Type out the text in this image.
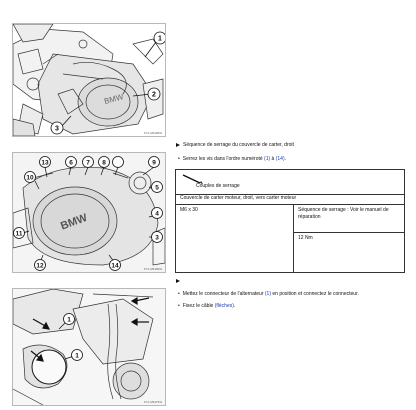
BMW
1
2
3
KYL M1160%
BMW
6 7 8	9
10
11
12
13
14
5
4
3
KYL M1160%
1
1
KYL M1174%
Séquence de serrage du couvercle de carter, droit
• Serrez les vis dans l'ordre numéroté (1) à (14).
Couples de serrage
Couvercle de carter moteur, droit, vers carter moteur
M6 x 30	Séquence de serrage : Voir le manuel de réparation
12 Nm
• Mettez le connecteur de l'alternateur (1) en position et connectez le connecteur.
• Fixez le câble (flèches).
